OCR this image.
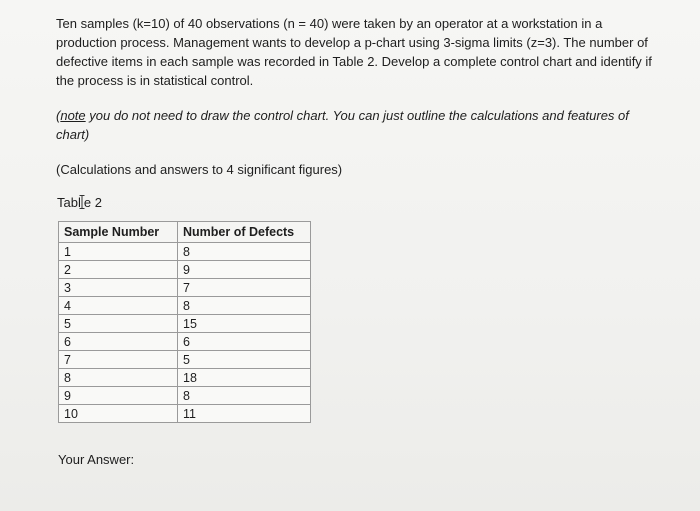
Ten samples (k=10) of 40 observations (n = 40) were taken by an operator at a workstation in a production process. Management wants to develop a p-chart using 3-sigma limits (z=3). The number of defective items in each sample was recorded in Table 2. Develop a complete control chart and identify if the process is in statistical control.
(note you do not need to draw the control chart. You can just outline the calculations and features of chart)
(Calculations and answers to 4 significant figures)
Tabl e 2
Sample Number	Number of Defects
1	8
2	9
3	7
4	8
5	15
6	6
7	5
8	18
9	8
10	11
Your Answer:
